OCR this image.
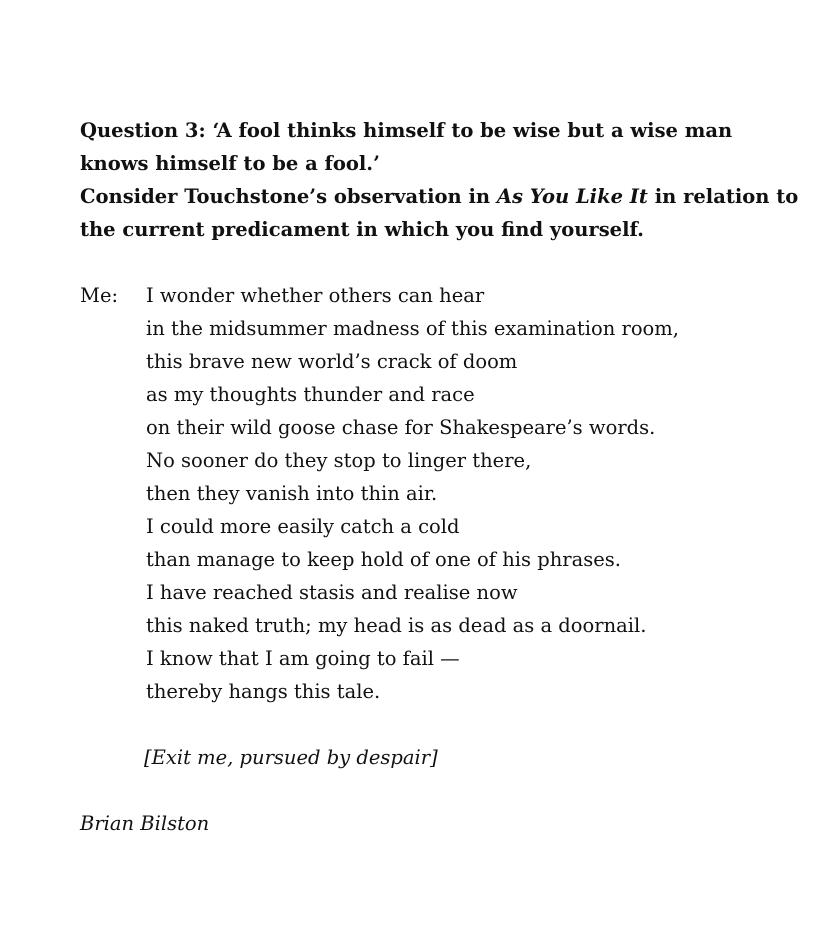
Question 3: ‘A fool thinks himself to be wise but a wise man
knows himself to be a fool.’
Consider Touchstone’s observation in As You Like It in relation to
the current predicament in which you find yourself.
Me: I wonder whether others can hear
in the midsummer madness of this examination room,
this brave new world’s crack of doom
as my thoughts thunder and race
on their wild goose chase for Shakespeare’s words.
No sooner do they stop to linger there,
then they vanish into thin air.
I could more easily catch a cold
than manage to keep hold of one of his phrases.
I have reached stasis and realise now
this naked truth; my head is as dead as a doornail.
I know that I am going to fail —
thereby hangs this tale.
[Exit me, pursued by despair]
Brian Bilston
